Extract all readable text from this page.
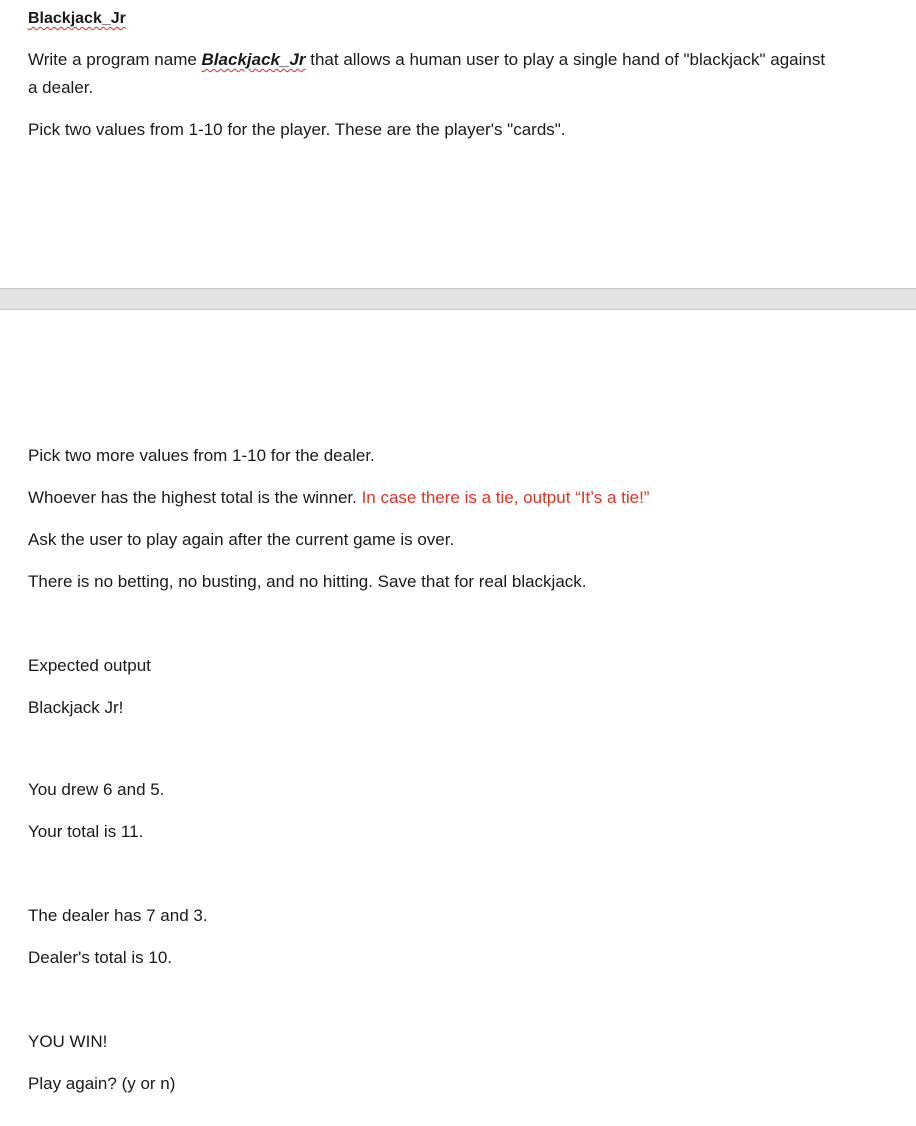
Blackjack_Jr

Write a program name Blackjack_Jr that allows a human user to play a single hand of "blackjack" against

a dealer.

Pick two values from 1-10 for the player. These are the player's "cards".

Pick two more values from 1-10 for the dealer.

Whoever has the highest total is the winner. In case there is a tie, output “It’s a tie!”

Ask the user to play again after the current game is over.

There is no betting, no busting, and no hitting. Save that for real blackjack.

Expected output

Blackjack Jr!

You drew 6 and 5.

Your total is 11.

The dealer has 7 and 3.

Dealer's total is 10.

YOU WIN!

Play again? (y or n)
